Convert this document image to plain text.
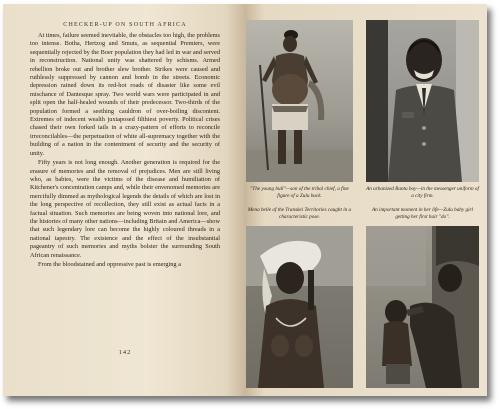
CHECKER-UP ON SOUTH AFRICA

At times, failure seemed inevitable, the obstacles too high, the problems too intense. Botha, Hertzog and Smuts, as sequential Premiers, were sequentially rejected by the Boer population they had led in war and served in reconstruction. National unity was shattered by schisms. Armed rebellion broke out and brother slew brother. Strikes were caused and ruthlessly suppressed by cannon and bomb in the streets. Economic depression rained down its red-hot roads of disaster like some evil mischance of Dantesque spray. Two world wars were participated in and split open the half-healed wounds of their predecessor. Two-thirds of the population formed a seething cauldron of over-boiling discontent. Extremes of indecent wealth juxtaposed filthiest poverty. Political crises chased their own forked tails in a crazy-pattern of efforts to reconcile irreconcilables—the perpetuation of white all-supremacy together with the building of a nation in the contentment of security and the security of unity.

Fifty years is not long enough. Another generation is required for the erasure of memories and the removal of prejudices. Men are still living who, as babies, were the victims of the disease and humiliation of Kitchener's concentration camps and, while their envenomed memories are mercifully dimmed as mythological legends the details of which are lost in the long perspective of recollection, they still exist as actual facts in a factual situation. Such memories are being woven into national lore, and the histories of many other nations—including Britain and America—show that such legendary lore can become the highly coloured threads in a national tapestry. The existence and the effect of the insubstantial pageantry of such memories and myths bolster the surrounding South African renaissance.

From the bloodstained and oppressive past is emerging a

142
"The young bull"—son of the tribal chief, a fine figure of a Zulu buck.
An urbanized Bantu boy—in the messenger uniform of a city firm.
Mena belle of the Transkei Territories caught in a characteristic pose.
An important moment in her life—Zulu baby girl getting her first hair "do".
